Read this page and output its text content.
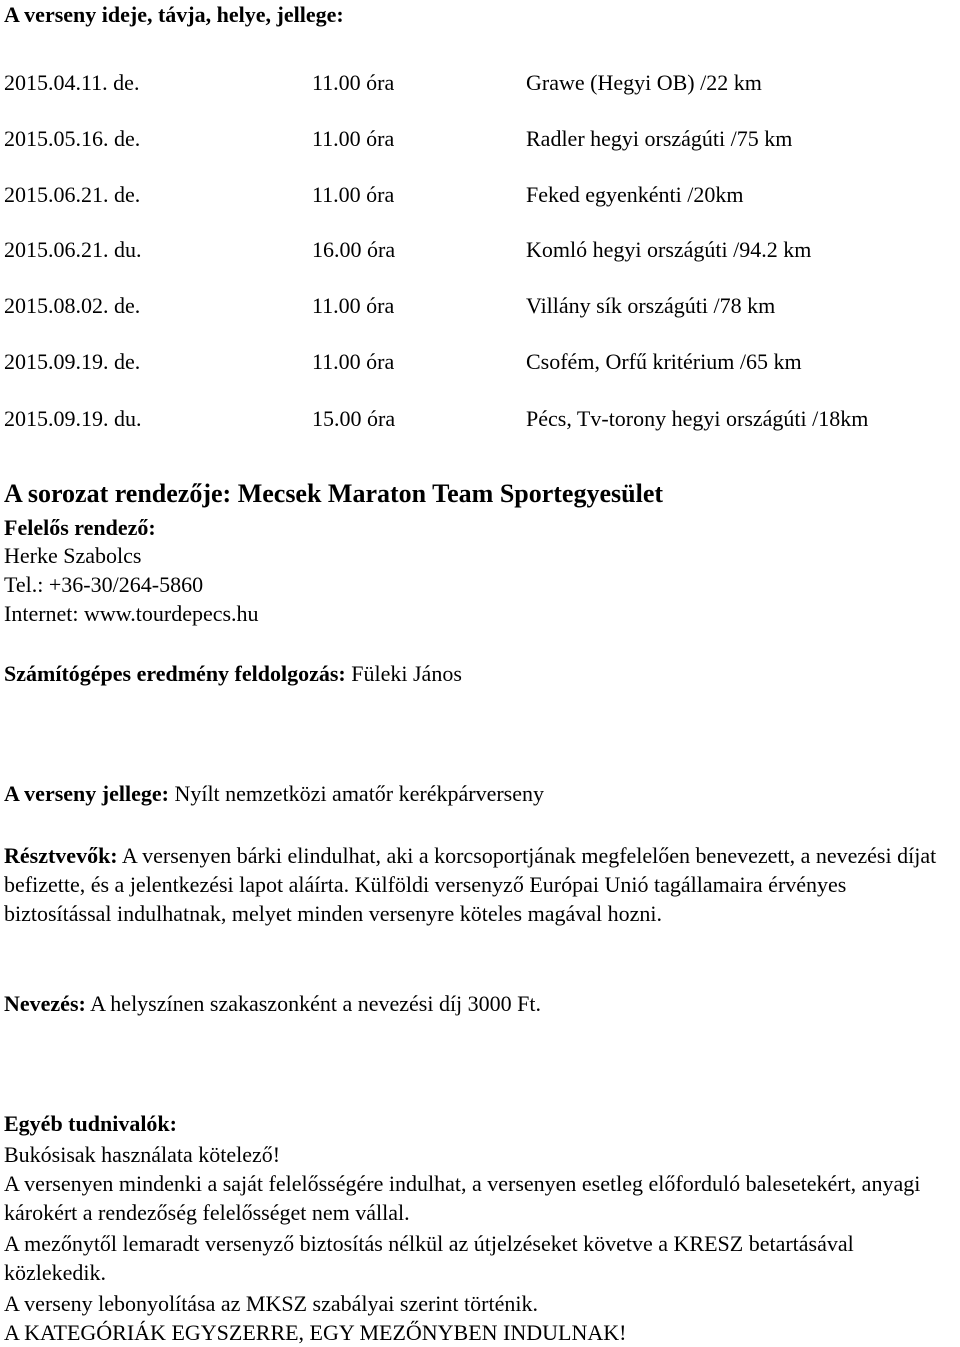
A verseny ideje, távja, helye, jellege:
2015.04.11. de.	11.00 óra	Grawe (Hegyi OB) /22 km
2015.05.16. de.	11.00 óra	Radler hegyi országúti /75 km
2015.06.21. de.	11.00 óra	Feked egyenkénti /20km
2015.06.21. du.	16.00 óra	Komló hegyi országúti /94.2 km
2015.08.02. de.	11.00 óra	Villány sík országúti /78 km
2015.09.19. de.	11.00 óra	Csofém, Orfű kritérium /65 km
2015.09.19. du.	15.00 óra	Pécs, Tv-torony hegyi országúti /18km
A sorozat rendezője: Mecsek Maraton Team Sportegyesület
Felelős rendező:
Herke Szabolcs
Tel.: +36-30/264-5860
Internet: www.tourdepecs.hu
Számítógépes eredmény feldolgozás: Füleki János
A verseny jellege: Nyílt nemzetközi amatőr kerékpárverseny
Résztvevők: A versenyen bárki elindulhat, aki a korcsoportjának megfelelően benevezett, a nevezési díjat befizette, és a jelentkezési lapot aláírta. Külföldi versenyző Európai Unió tagállamaira érvényes biztosítással indulhatnak, melyet minden versenyre köteles magával hozni.
Nevezés: A helyszínen szakaszonként a nevezési díj 3000 Ft.
Egyéb tudnivalók:
Bukósisak használata kötelező!
A versenyen mindenki a saját felelősségére indulhat, a versenyen esetleg előforduló balesetekért, anyagi károkért a rendezőség felelősséget nem vállal.
A mezőnytől lemaradt versenyző biztosítás nélkül az útjelzéseket követve a KRESZ betartásával közlekedik.
A verseny lebonyolítása az MKSZ szabályai szerint történik.
A KATEGÓRIÁK EGYSZERRE, EGY MEZŐNYBEN INDULNAK!
